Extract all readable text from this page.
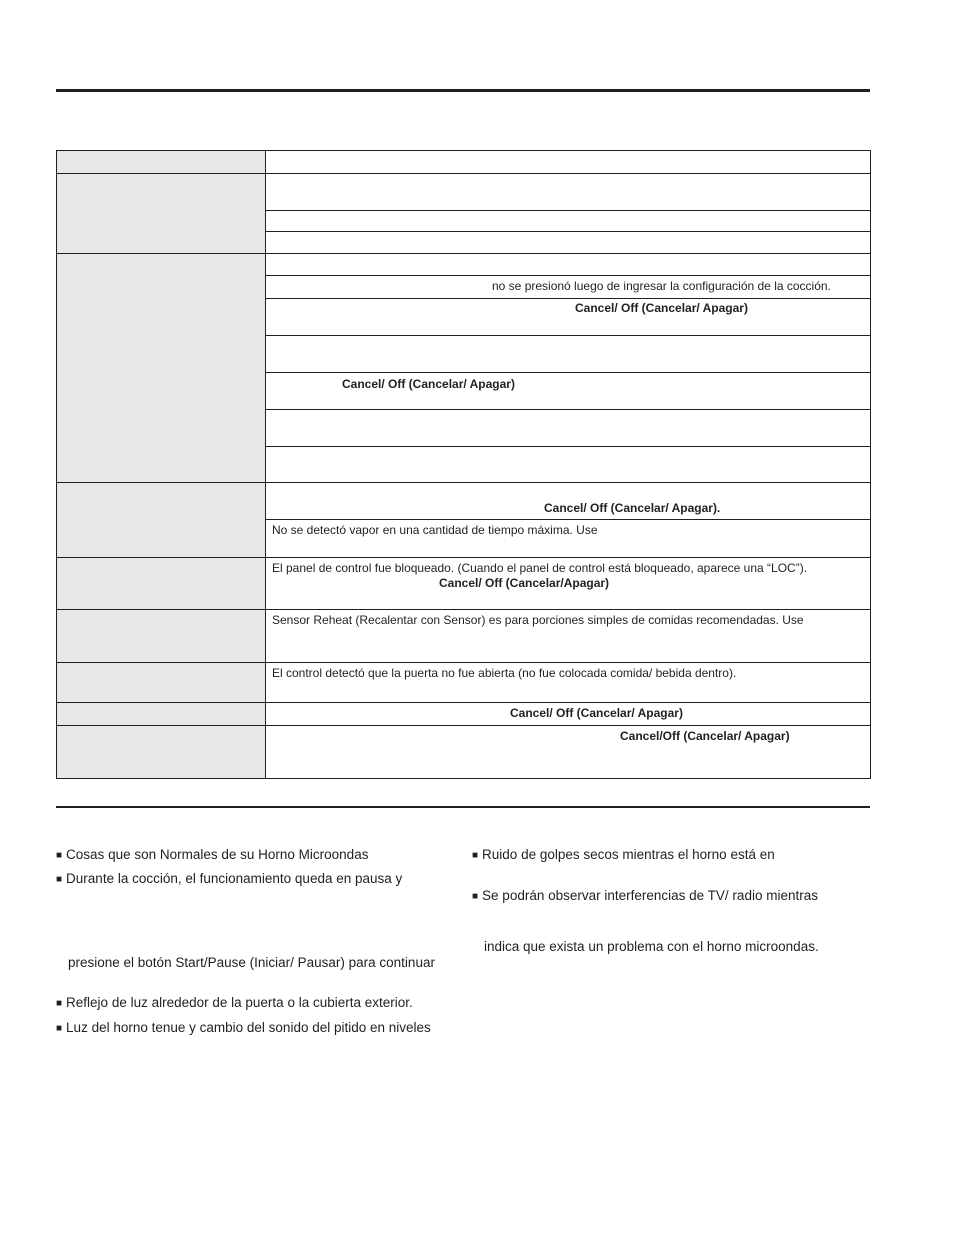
	no se presionó luego de ingresar la configuración de la cocción.

	Cancel/ Off (Cancelar/ Apagar)

	Cancel/ Off (Cancelar/ Apagar)

	Cancel/ Off (Cancelar/ Apagar).

	No se detectó vapor en una cantidad de tiempo máxima. Use

	El panel de control fue bloqueado. (Cuando el panel de control está bloqueado, aparece una “LOC”).
Cancel/ Off (Cancelar/Apagar)

	Sensor Reheat (Recalentar con Sensor) es para porciones simples de comidas recomendadas. Use

	El control detectó que la puerta no fue abierta (no fue colocada comida/ bebida dentro).

	Cancel/ Off (Cancelar/ Apagar)

	Cancel/Off (Cancelar/ Apagar)
■ Cosas que son Normales de su Horno Microondas
■ Durante la cocción, el funcionamiento queda en pausa y
presione el botón Start/Pause (Iniciar/ Pausar) para continuar
■ Reflejo de luz alrededor de la puerta o la cubierta exterior.
■ Luz del horno tenue y cambio del sonido del pitido en niveles
■ Ruido de golpes secos mientras el horno está en
■ Se podrán observar interferencias de TV/ radio mientras
indica que exista un problema con el horno microondas.
